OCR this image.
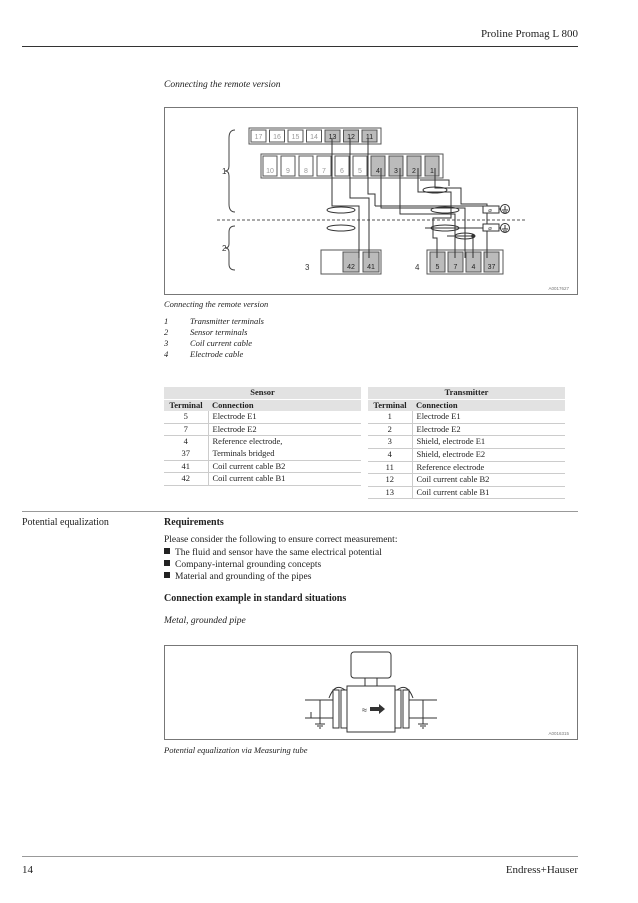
Proline Promag L 800
Connecting the remote version
17 16 15 14 13 12 11
10 9 8 7 6 5 4 3 2 1
42 41	5 7 4 37
⌀
⌀
1
2
3	4
A0017627
Connecting the remote version
1	Transmitter terminals
2	Sensor terminals
3	Coil current cable
4	Electrode cable
Sensor	
Terminal	Connection
5	Electrode E1
7	Electrode E2
4	Reference electrode,
37	Terminals bridged
41	Coil current cable B2
42	Coil current cable B1
Transmitter	
Terminal	Connection
1	Electrode E1
2	Electrode E2
3	Shield, electrode E1
4	Shield, electrode E2
11	Reference electrode
12	Coil current cable B2
13	Coil current cable B1
Potential equalization	Requirements
Please consider the following to ensure correct measurement:
The fluid and sensor have the same electrical potential
Company-internal grounding concepts
Material and grounding of the pipes
Connection example in standard situations
Metal, grounded pipe
≈
A0016315
Potential equalization via Measuring tube
14	Endress+Hauser
